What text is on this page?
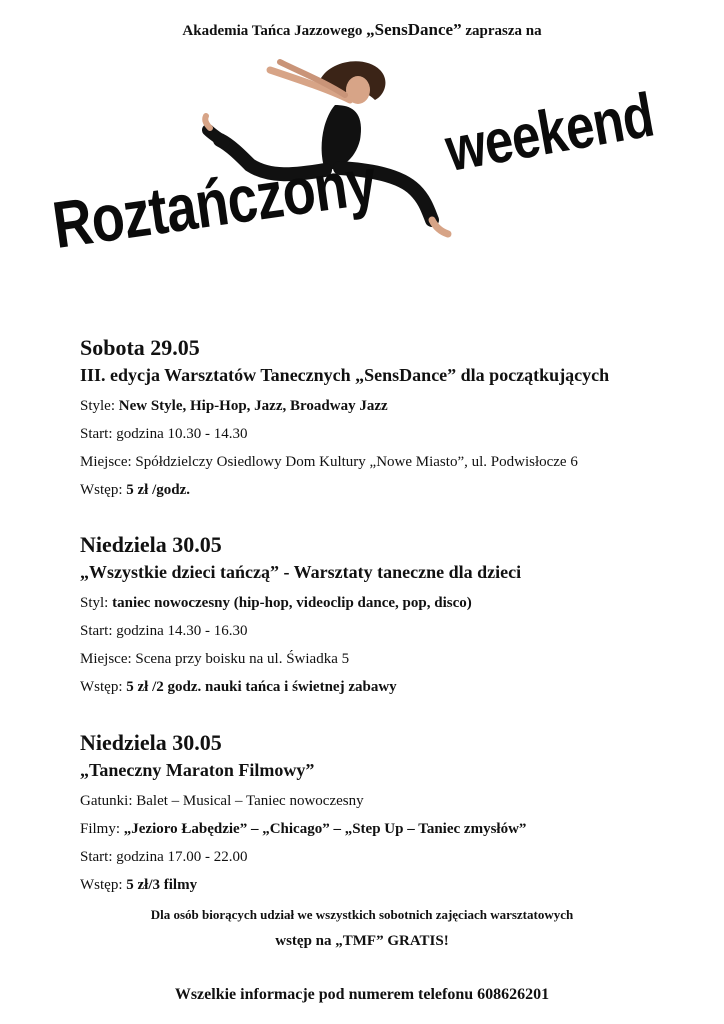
Akademia Tańca Jazzowego „SensDance” zaprasza na
Roztańczony
weekend
Sobota 29.05
III. edycja Warsztatów Tanecznych „SensDance” dla początkujących
Style: New Style, Hip-Hop, Jazz, Broadway Jazz
Start: godzina 10.30 - 14.30
Miejsce: Spółdzielczy Osiedlowy Dom Kultury „Nowe Miasto”, ul. Podwisłocze 6
Wstęp: 5 zł /godz.
Niedziela 30.05
„Wszystkie dzieci tańczą” - Warsztaty taneczne dla dzieci
Styl: taniec nowoczesny (hip-hop, videoclip dance, pop, disco)
Start: godzina 14.30 - 16.30
Miejsce: Scena przy boisku na ul. Świadka 5
Wstęp: 5 zł /2 godz. nauki tańca i świetnej zabawy
Niedziela 30.05
„Taneczny Maraton Filmowy”
Gatunki: Balet – Musical – Taniec nowoczesny
Filmy: „Jezioro Łabędzie” – „Chicago” – „Step Up – Taniec zmysłów”
Start: godzina 17.00 - 22.00
Wstęp: 5 zł/3 filmy
Dla osób biorących udział we wszystkich sobotnich zajęciach warsztatowych
wstęp na „TMF” GRATIS!
Wszelkie informacje pod numerem telefonu 608626201
